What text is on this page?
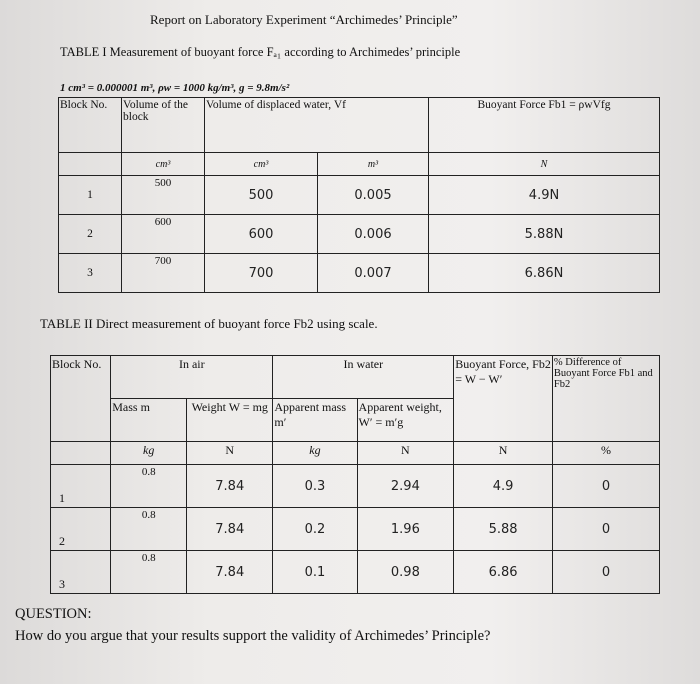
Report on Laboratory Experiment “Archimedes’ Principle”
TABLE I Measurement of buoyant force Fₐ₁ according to Archimedes’ principle
1 cm³ = 0.000001 m³, ρw = 1000 kg/m³, g = 9.8m/s²
Block No.	Volume of the block	Volume of displaced water, Vf		Buoyant Force Fb1 = ρwVfg
	cm³	cm³	m³	N
1	500	500	0.005	4.9N
2	600	600	0.006	5.88N
3	700	700	0.007	6.86N
TABLE II Direct measurement of buoyant force Fb2 using scale.
Block No.	In air		In water		Buoyant Force, Fb2 = W − W′	% Difference of Buoyant Force Fb1 and Fb2
	Mass m	Weight W = mg	Apparent mass m′	Apparent weight, W′ = m′g		
	kg	N	kg	N	N	%
1	0.8	7.84	0.3	2.94	4.9	0
2	0.8	7.84	0.2	1.96	5.88	0
3	0.8	7.84	0.1	0.98	6.86	0
QUESTION:
How do you argue that your results support the validity of Archimedes’ Principle?
